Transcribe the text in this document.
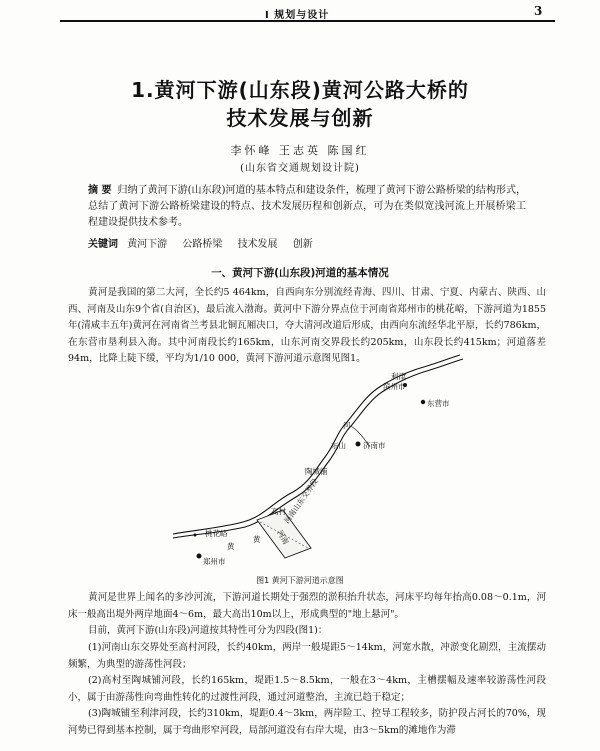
Ⅰ 规划与设计	3
1.黄河下游(山东段)黄河公路大桥的
技术发展与创新
李怀峰 王志英 陈国红
(山东省交通规划设计院)
摘 要 归纳了黄河下游(山东段)河道的基本特点和建设条件，梳理了黄河下游公路桥梁的结构形式，总结了黄河下游公路桥梁建设的特点、技术发展历程和创新点，可为在类似宽浅河流上开展桥梁工程建设提供技术参考。
关键词 黄河下游 公路桥梁 技术发展 创新
一、黄河下游(山东段)河道的基本情况
黄河是我国的第二大河，全长约5 464km，自西向东分别流经青海、四川、甘肃、宁夏、内蒙古、陕西、山西、河南及山东9个省(自治区)，最后流入渤海。黄河中下游分界点位于河南省郑州市的桃花峪，下游河道为1855年(清咸丰五年)黄河在河南省兰考县北铜瓦厢决口，夺大清河改道后形成，由西向东流经华北平原，长约786km，在东营市垦利县入海。其中河南段长约165km，山东河南交界段长约205km，山东段长约415km；河道落差94m，比降上陡下缓，平均为1/10 000，黄河下游河道示意图见图1。
利津
滨州市
东营市
河
济南市
东山
陶城铺
高村
桃花峪
郑州市
黄
黄 河南
河南山东交界段
图1 黄河下游河道示意图
黄河是世界上闻名的多沙河流，下游河道长期处于强烈的淤积抬升状态，河床平均每年抬高0.08～0.1m，河床一般高出堤外两岸地面4～6m，最大高出10m以上，形成典型的"地上悬河"。
目前，黄河下游(山东段)河道按其特性可分为四段(图1)：
(1)河南山东交界处至高村河段，长约40km，两岸一般堤距5～14km，河宽水散，冲淤变化剧烈，主流摆动频繁，为典型的游荡性河段；
(2)高村至陶城铺河段，长约165km，堤距1.5～8.5km，一般在3～4km，主槽摆幅及速率较游荡性河段小，属于由游荡性向弯曲性转化的过渡性河段，通过河道整治，主流已趋于稳定；
(3)陶城铺至利津河段，长约310km，堤距0.4～3km，两岸险工、控导工程较多，防护段占河长的70%，现河势已得到基本控制，属于弯曲形窄河段，局部河道没有右岸大堤，由3～5km的滩地作为滞
